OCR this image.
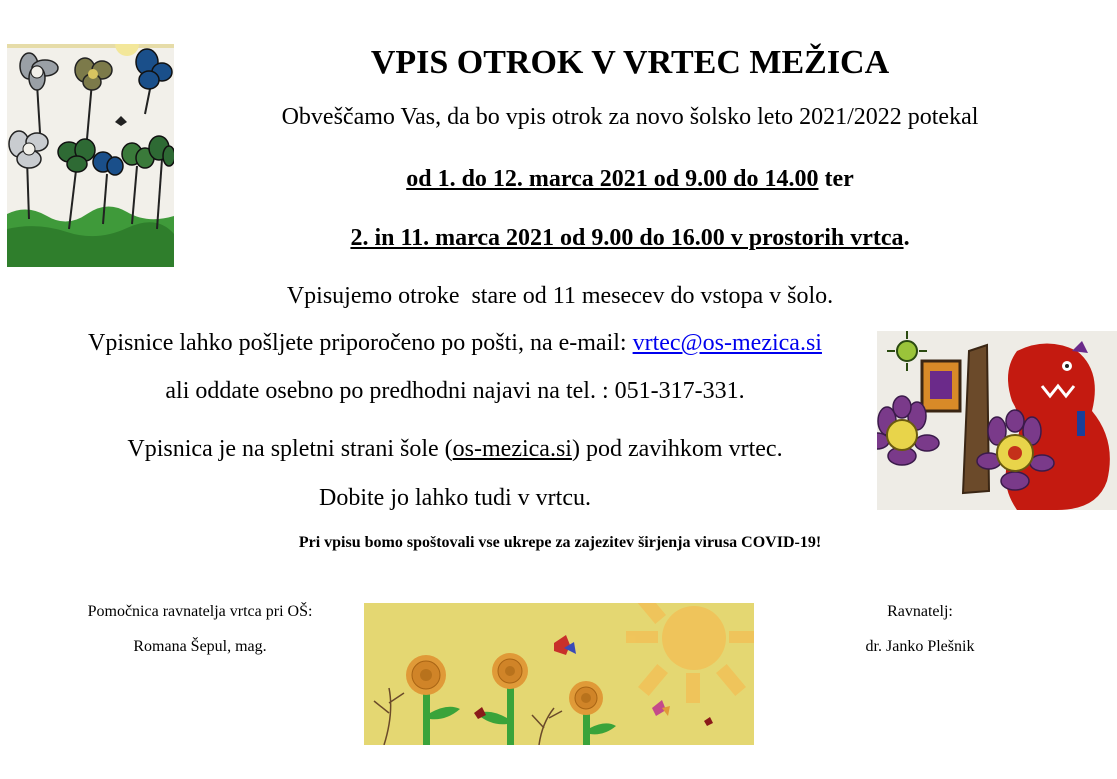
VPIS OTROK V VRTEC MEŽICA
Obveščamo Vas, da bo vpis otrok za novo šolsko leto 2021/2022 potekal
od 1. do 12. marca 2021 od 9.00 do 14.00 ter
2. in 11. marca 2021 od 9.00 do 16.00 v prostorih vrtca.
Vpisujemo otroke  stare od 11 mesecev do vstopa v šolo.
Vpisnice lahko pošljete priporočeno po pošti, na e-mail: vrtec@os-mezica.si
ali oddate osebno po predhodni najavi na tel. : 051-317-331.
Vpisnica je na spletni strani šole (os-mezica.si) pod zavihkom vrtec.
Dobite jo lahko tudi v vrtcu.
Pri vpisu bomo spoštovali vse ukrepe za zajezitev širjenja virusa COVID-19!
Pomočnica ravnatelja vrtca pri OŠ:
Romana Šepul, mag.
Ravnatelj:
dr. Janko Plešnik
